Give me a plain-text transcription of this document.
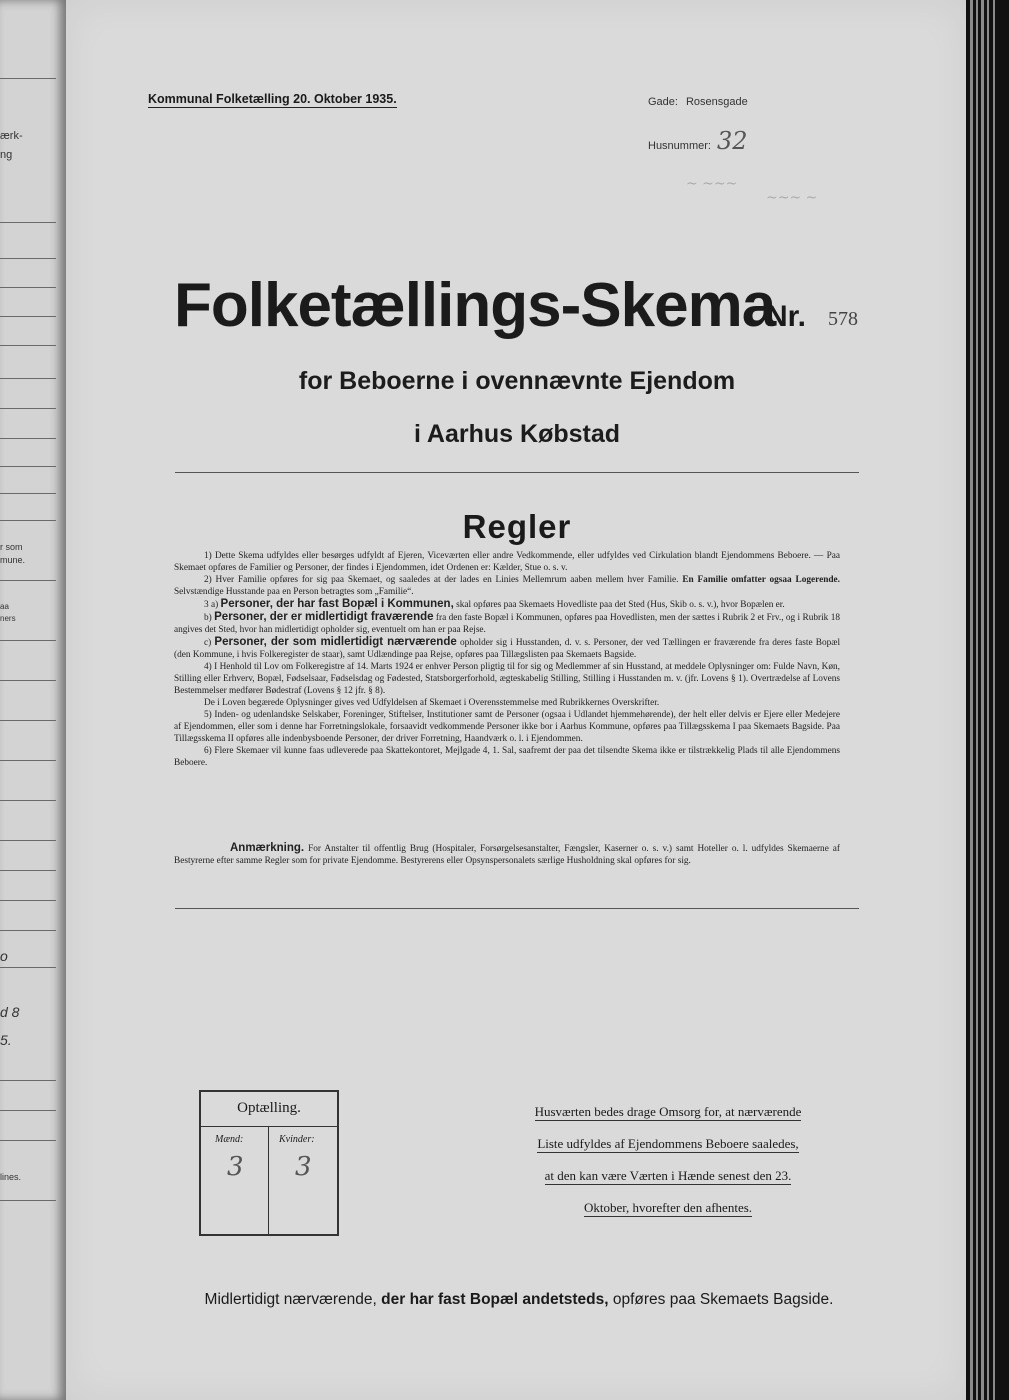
ærk-
ng
r som
mune.
aa
ners
o
d 8
5.
lines.
Kommunal Folketælling 20. Oktober 1935.	Gade: Rosensgade
Husnummer: 32
~ ~~~
~~~ ~
Folketællings-Skema
Nr. 578
for Beboerne i ovennævnte Ejendom
i Aarhus Købstad
Regler

1) Dette Skema udfyldes eller besørges udfyldt af Ejeren, Viceværten eller andre Vedkommende, eller udfyldes ved Cirkulation blandt Ejendommens Beboere. — Paa Skemaet opføres de Familier og Personer, der findes i Ejendommen, idet Ordenen er: Kælder, Stue o. s. v.

2) Hver Familie opføres for sig paa Skemaet, og saaledes at der lades en Linies Mellemrum aaben mellem hver Familie. En Familie omfatter ogsaa Logerende. Selvstændige Husstande paa en Person betragtes som „Familie“.

3 a) Personer, der har fast Bopæl i Kommunen, skal opføres paa Skemaets Hovedliste paa det Sted (Hus, Skib o. s. v.), hvor Bopælen er.

b) Personer, der er midlertidigt fraværende fra den faste Bopæl i Kommunen, opføres paa Hovedlisten, men der sættes i Rubrik 2 et Frv., og i Rubrik 18 angives det Sted, hvor han midlertidigt opholder sig, eventuelt om han er paa Rejse.

c) Personer, der som midlertidigt nærværende opholder sig i Husstanden, d. v. s. Personer, der ved Tællingen er fraværende fra deres faste Bopæl (den Kommune, i hvis Folkeregister de staar), samt Udlændinge paa Rejse, opføres paa Tillægslisten paa Skemaets Bagside.

4) I Henhold til Lov om Folkeregistre af 14. Marts 1924 er enhver Person pligtig til for sig og Medlemmer af sin Husstand, at meddele Oplysninger om: Fulde Navn, Køn, Stilling eller Erhverv, Bopæl, Fødselsaar, Fødselsdag og Fødested, Statsborgerforhold, ægteskabelig Stilling, Stilling i Husstanden m. v. (jfr. Lovens § 1). Overtrædelse af Lovens Bestemmelser medfører Bødestraf (Lovens § 12 jfr. § 8).

De i Loven begærede Oplysninger gives ved Udfyldelsen af Skemaet i Overensstemmelse med Rubrikkernes Overskrifter.

5) Inden- og udenlandske Selskaber, Foreninger, Stiftelser, Institutioner samt de Personer (ogsaa i Udlandet hjemmehørende), der helt eller delvis er Ejere eller Medejere af Ejendommen, eller som i denne har Forretningslokale, forsaavidt vedkommende Personer ikke bor i Aarhus Kommune, opføres paa Tillægsskema I paa Skemaets Bagside. Paa Tillægsskema II opføres alle indenbysboende Personer, der driver Forretning, Haandværk o. l. i Ejendommen.

6) Flere Skemaer vil kunne faas udleverede paa Skattekontoret, Mejlgade 4, 1. Sal, saafremt der paa det tilsendte Skema ikke er tilstrækkelig Plads til alle Ejendommens Beboere.

Anmærkning. For Anstalter til offentlig Brug (Hospitaler, Forsørgelsesanstalter, Fængsler, Kaserner o. s. v.) samt Hoteller o. l. udfyldes Skemaerne af Bestyrerne efter samme Regler som for private Ejendomme. Bestyrerens eller Opsynspersonalets særlige Husholdning skal opføres for sig.
Optælling.
Mænd:	Kvinder:
3 3
Husværten bedes drage Omsorg for, at nærværende
Liste udfyldes af Ejendommens Beboere saaledes,
at den kan være Værten i Hænde senest den 23.
Oktober, hvorefter den afhentes.
Midlertidigt nærværende, der har fast Bopæl andetsteds, opføres paa Skemaets Bagside.
